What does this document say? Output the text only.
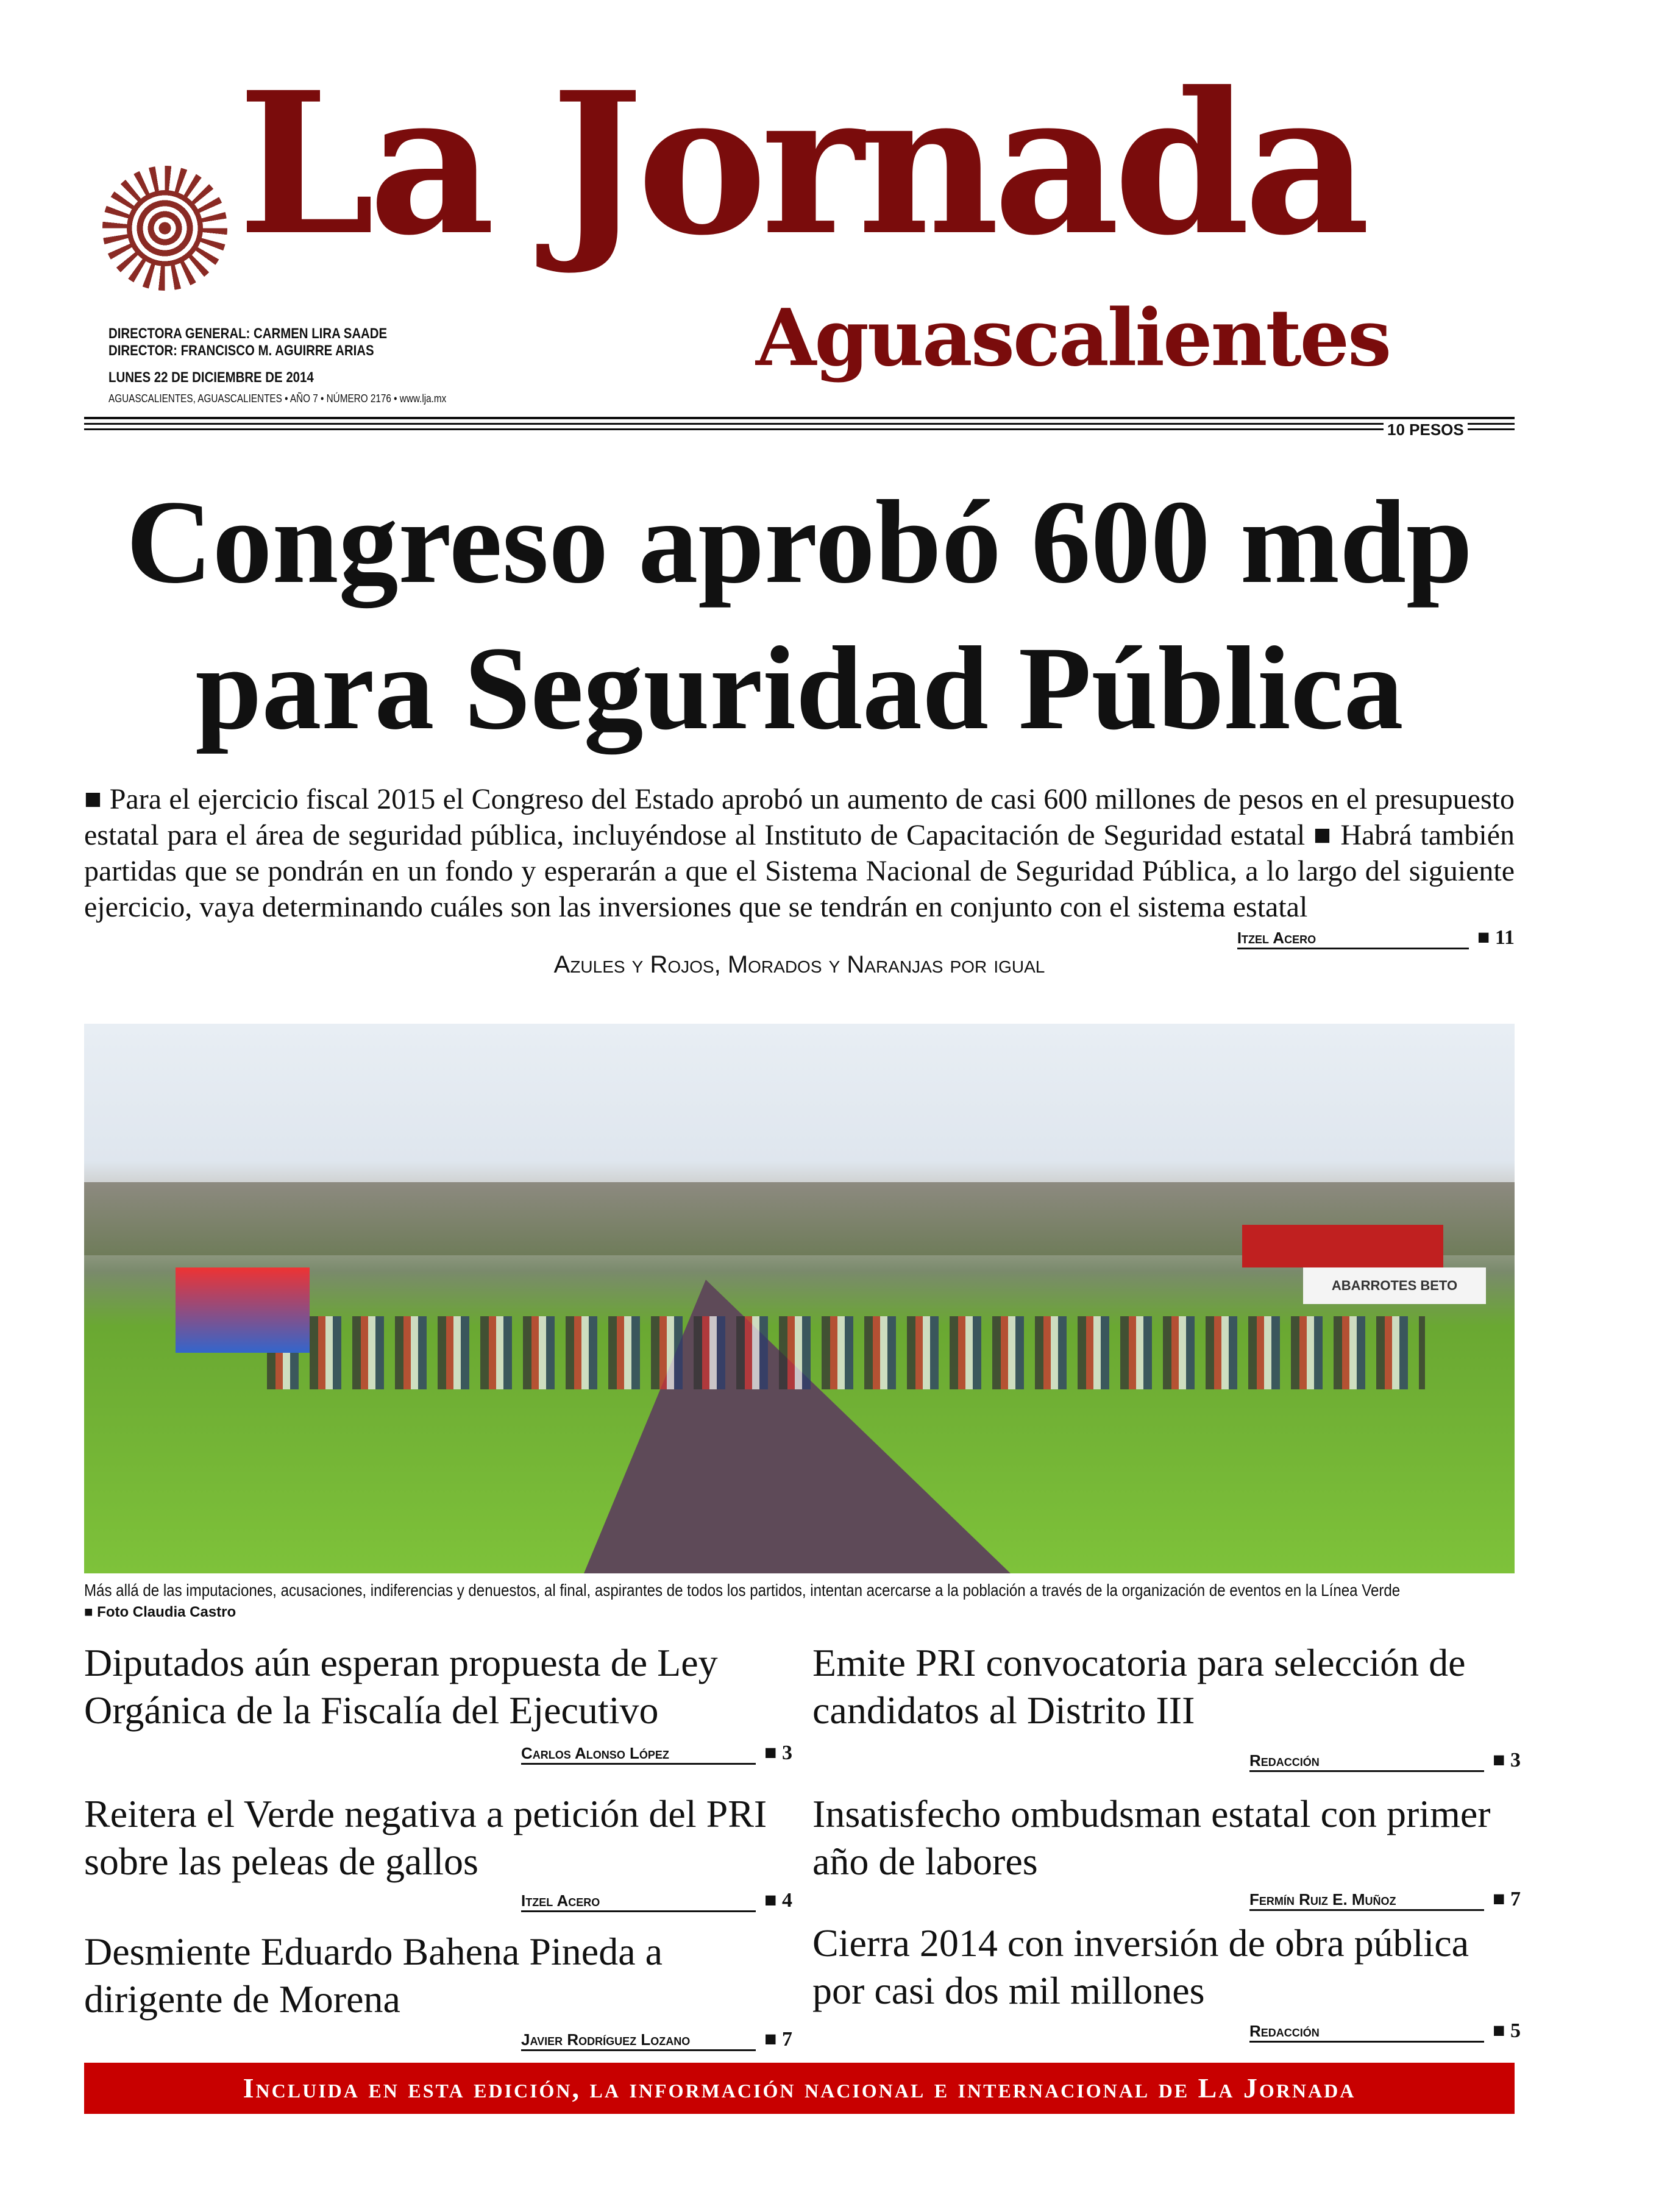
La Jornada
Aguascalientes
DIRECTORA GENERAL: CARMEN LIRA SAADE
DIRECTOR: FRANCISCO M. AGUIRRE ARIAS
LUNES 22 DE DICIEMBRE DE 2014
AGUASCALIENTES, AGUASCALIENTES • AÑO 7 • NÚMERO 2176 • www.lja.mx
10 PESOS
Congreso aprobó 600 mdp
para Seguridad Pública
■ Para el ejercicio fiscal 2015 el Congreso del Estado aprobó un aumento de casi 600 millones de pesos en el presupuesto estatal para el área de seguridad pública, incluyéndose al Instituto de Capacitación de Seguridad estatal ■ Habrá también partidas que se pondrán en un fondo y esperarán a que el Sistema Nacional de Seguridad Pública, a lo largo del siguiente ejercicio, vaya determinando cuáles son las inversiones que se tendrán en conjunto con el sistema estatal
Itzel Acero	■ 11
Azules y Rojos, Morados y Naranjas por igual
ABARROTES BETO
Más allá de las imputaciones, acusaciones, indiferencias y denuestos, al final, aspirantes de todos los partidos, intentan acercarse a la población a través de la organización de eventos en la Línea Verde
■ Foto Claudia Castro
Diputados aún esperan propuesta de Ley Orgánica de la Fiscalía del Ejecutivo
Carlos Alonso López	■ 3
Emite PRI convocatoria para selección de candidatos al Distrito III
Redacción	■ 3
Reitera el Verde negativa a petición del PRI sobre las peleas de gallos
Itzel Acero	■ 4
Insatisfecho ombudsman estatal con primer año de labores
Fermín Ruiz E. Muñoz	■ 7
Desmiente Eduardo Bahena Pineda a dirigente de Morena
Javier Rodríguez Lozano	■ 7
Cierra 2014 con inversión de obra pública por casi dos mil millones
Redacción	■ 5
Incluida en esta edición, la información nacional e internacional de La Jornada
